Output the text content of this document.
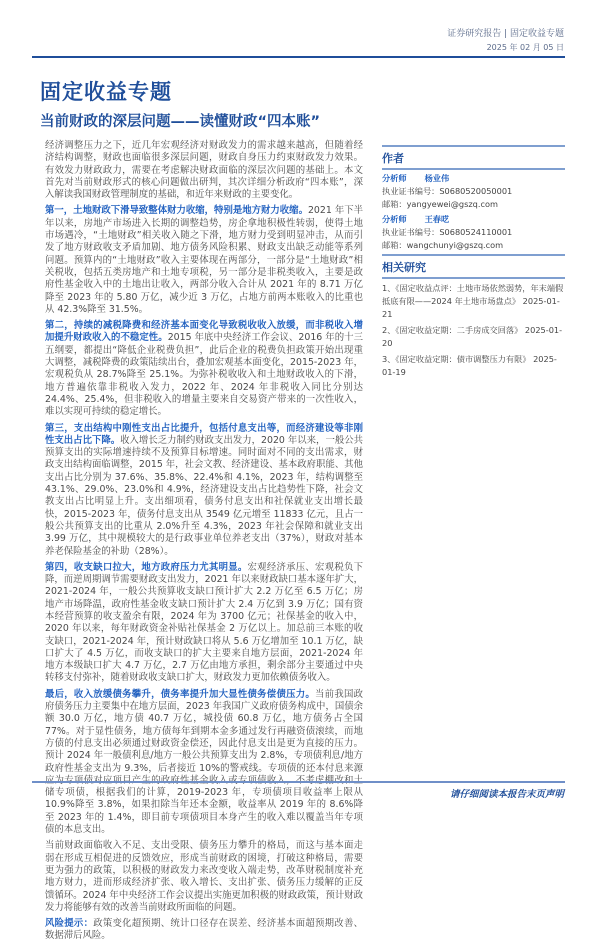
证券研究报告 | 固定收益专题
2025 年 02 月 05 日
固定收益专题
当前财政的深层问题——读懂财政“四本账”

经济调整压力之下，近几年宏观经济对财政发力的需求越来越高，但随着经济结构调整，财政也面临很多深层问题，财政自身压力约束财政发力效果。有效发力财政政力，需要在考虑解决财政面临的深层次问题的基础上。本文首先对当前财政形式的核心问题做出研判，其次详细分析政府“四本账”，深入解读我国财政管理制度的基础，和近年来财政的主要变化。

第一，土地财政下滑导致整体财力收缩，特别是地方财力收缩。2021 年下半年以来，房地产市场进入长期的调整趋势，房企拿地积极性转弱，使得土地市场遇冷，“土地财政”相关收入随之下滑，地方财力受到明显冲击，从而引发了地方财政收支矛盾加剧、地方债务风险积累、财政支出缺乏动能等系列问题。预算内的“土地财政”收入主要体现在两部分，一部分是“土地财政”相关税收，包括五类房地产和土地专项税，另一部分是非税类收入，主要是政府性基金收入中的土地出让收入，两部分收入合计从 2021 年的 8.71 万亿降至 2023 年的 5.80 万亿，减少近 3 万亿，占地方前两本账收入的比重也从 42.3%降至 31.5%。

第二，持续的减税降费和经济基本面变化导致税收收入放缓，而非税收入增加提升财政收入的不稳定性。2015 年底中央经济工作会议、2016 年的十三五纲要，都提出“降低企业税费负担”，此后企业的税费负担政策开始出现重大调整，减税降费的政策陆续出台，叠加宏观基本面变化，2015-2023 年，宏观税负从 28.7%降至 25.1%。为弥补税收收入和土地财政收入的下滑，地方普遍依靠非税收入发力，2022 年、2024 年非税收入同比分别达 24.4%、25.4%，但非税收入的增量主要来自交易资产带来的一次性收入，难以实现可持续的稳定增长。

第三，支出结构中刚性支出占比提升，包括付息支出等，而经济建设等非刚性支出占比下降。收入增长乏力制约财政支出发力，2020 年以来，一般公共预算支出的实际增速持续不及预算目标增速。同时面对不同的支出需求，财政支出结构面临调整，2015 年，社会文教、经济建设、基本政府职能、其他支出占比分别为 37.6%、35.8%、22.4%和 4.1%，2023 年，结构调整至 43.1%、29.0%、23.0%和 4.9%，经济建设支出占比趋势性下降，社会文教支出占比明显上升。支出细项看，债务付息支出和社保就业支出增长最快，2015-2023 年，债务付息支出从 3549 亿元增至 11833 亿元，且占一般公共预算支出的比重从 2.0%升至 4.3%，2023 年社会保障和就业支出 3.99 万亿，其中规模较大的是行政事业单位养老支出（37%），财政对基本养老保险基金的补助（28%）。

第四，收支缺口拉大，地方政府压力尤其明显。宏观经济承压、宏观税负下降，而逆周期调节需要财政支出发力，2021 年以来财政缺口基本逐年扩大，2021-2024 年，一般公共预算收支缺口预计扩大 2.2 万亿至 6.5 万亿；房地产市场降温，政府性基金收支缺口预计扩大 2.4 万亿到 3.9 万亿；国有资本经营预算的收支盈余有限，2024 年为 3700 亿元；社保基金的收入中，2020 年以来，每年财政资金补贴社保基金 2 万亿以上。加总前三本账的收支缺口，2021-2024 年，预计财政缺口将从 5.6 万亿增加至 10.1 万亿，缺口扩大了 4.5 万亿，而收支缺口的扩大主要来自地方层面，2021-2024 年地方本级缺口扩大 4.7 万亿，2.7 万亿由地方承担，剩余部分主要通过中央转移支付弥补，随着财政收支缺口扩大，财政发力更加依赖债务收入。

最后，收入放缓债务攀升，债务率提升加大显性债务偿债压力。当前我国政府债务压力主要集中在地方层面，2023 年我国广义政府债务构成中，国债余额 30.0 万亿，地方债 40.7 万亿，城投债 60.8 万亿，地方债务占全国 77%。对于显性债务，地方债每年到期本金多通过发行再融资债滚续，而地方债的付息支出必须通过财政资金偿还，因此付息支出是更为直接的压力。预计 2024 年一般债利息/地方一般公共预算支出为 2.8%，专项债利息/地方政府性基金支出为 9.3%，后者接近 10%的警戒线。专项债的还本付息来源 储专项债，根据我们的计算，2019-2023 年，专项债项目收益率上限从 10.9%降至 3.8%，如果扣除当年还本金额，收益率从 2019 年的 8.6%降至 2023 年的 1.4%，即目前专项债项目本身产生的收入难以覆盖当年专项债的本息支出。

当前财政面临收入不足、支出受限、债务压力攀升的格局，而这与基本面走弱在形成互相促进的反馈效应，形成当前财政的困境，打破这种格局，需要更为强力的政策，以积极的财政发力来改变收入端走势，改革财税制度补充地方财力，进而形成经济扩张、收入增长、支出扩张、债务压力缓解的正反馈循环。2024 年中央经济工作会议提出实施更加积极的财政政策，预计财政发力将能够有效的改善当前财政所面临的问题。

风险提示：政策变化超预期、统计口径存在误差、经济基本面超预期改善、数据滞后风险。

作者
分析师 杨业伟
执业证书编号：S0680520050001
邮箱：yangyewei@gszq.com
分析师 王春呓
执业证书编号：S0680524110001
邮箱：wangchunyi@gszq.com
相关研究
1、《固定收益点评：土地市场依然弱势，年末端假抵底有限——2024 年土地市场盘点》 2025-01-21
2、《固定收益定期：二手房成交回落》 2025-01-20
3、《固定收益定期：债市调整压力有限》 2025-01-19
请仔细阅读本报告末页声明
